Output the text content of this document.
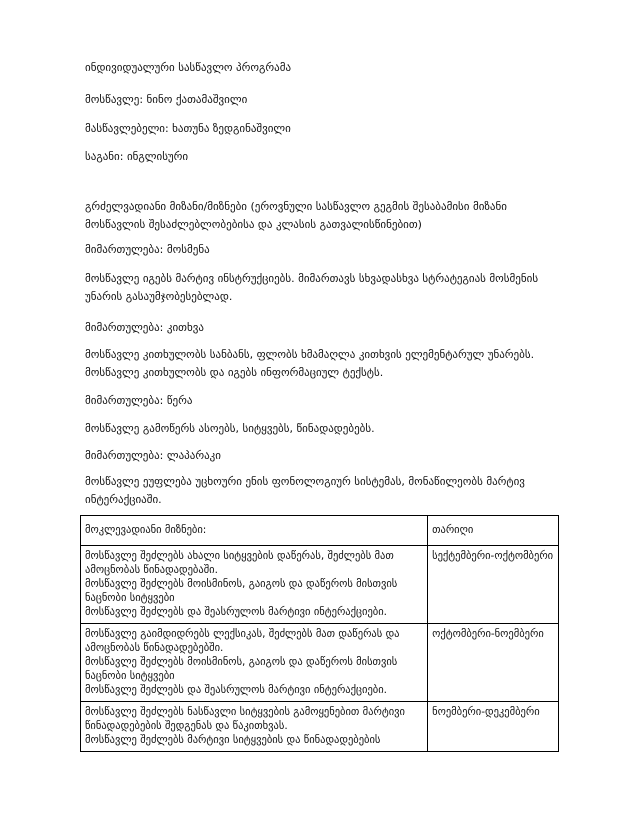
ინდივიდუალური სასწავლო პროგრამა

მოსწავლე: ნინო ქათამაშვილი

მასწავლებელი: ხათუნა ზედგინაშვილი

საგანი: ინგლისური

გრძელვადიანი მიზანი/მიზნები (ეროვნული სასწავლო გეგმის შესაბამისი მიზანი მოსწავლის შესაძლებლობებისა და კლასის გათვალისწინებით)

მიმართულება: მოსმენა

მოსწავლე იგებს მარტივ ინსტრუქციებს. მიმართავს სხვადასხვა სტრატეგიას მოსმენის უნარის გასაუმჯობესებლად.

მიმართულება: კითხვა

მოსწავლე კითხულობს სანბანს, ფლობს ხმამაღლა კითხვის ელემენტარულ უნარებს. მოსწავლე კითხულობს და იგებს ინფორმაციულ ტექსტს.

მიმართულება: წერა

მოსწავლე გამოწერს ასოებს, სიტყვებს, წინადადებებს.

მიმართულება: ლაპარაკი

მოსწავლე ეუფლება უცხოური ენის ფონოლოგიურ სისტემას, მონაწილეობს მარტივ ინტერაქციაში.

მოკლევადიანი მიზნები:	თარიღი

მოსწავლე შეძლებს ახალი სიტყვების დაწერას, შეძლებს მათ
ამოცნობას წინადადებაში.
მოსწავლე შეძლებს მოისმინოს, გაიგოს და დაწეროს მისთვის
ნაცნობი სიტყვები
მოსწავლე შეძლებს და შეასრულოს მარტივი ინტერაქციები.	სექტემბერი-ოქტომბერი

მოსწავლე გაიმდიდრებს ლექსიკას, შეძლებს მათ დაწერას და
ამოცნობას წინადადებებში.
მოსწავლე შეძლებს მოისმინოს, გაიგოს და დაწეროს მისთვის
ნაცნობი სიტყვები
მოსწავლე შეძლებს და შეასრულოს მარტივი ინტერაქციები.	ოქტომბერი-ნოემბერი

მოსწავლე შეძლებს ნასწავლი სიტყვების გამოყენებით მარტივი
წინადადებების შედგენას და წაკითხვას.
მოსწავლე შეძლებს მარტივი სიტყვების და წინადადებების	ნოემბერი-დეკემბერი
